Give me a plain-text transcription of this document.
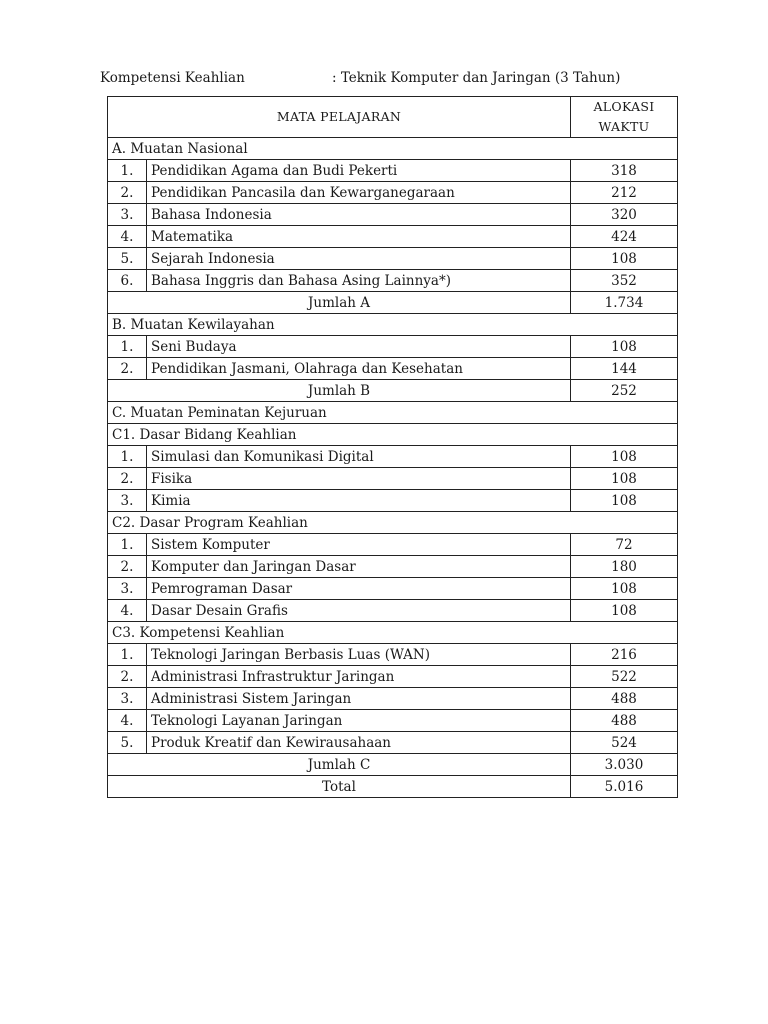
Kompetensi Keahlian	: Teknik Komputer dan Jaringan (3 Tahun)
MATA PELAJARAN		ALOKASI
WAKTU
A. Muatan Nasional		
1.	Pendidikan Agama dan Budi Pekerti	318
2.	Pendidikan Pancasila dan Kewarganegaraan	212
3.	Bahasa Indonesia	320
4.	Matematika	424
5.	Sejarah Indonesia	108
6.	Bahasa Inggris dan Bahasa Asing Lainnya*)	352
Jumlah A		1.734
B. Muatan Kewilayahan		
1.	Seni Budaya	108
2.	Pendidikan Jasmani, Olahraga dan Kesehatan	144
Jumlah B		252
C. Muatan Peminatan Kejuruan		
C1. Dasar Bidang Keahlian		
1.	Simulasi dan Komunikasi Digital	108
2.	Fisika	108
3.	Kimia	108
C2. Dasar Program Keahlian		
1.	Sistem Komputer	72
2.	Komputer dan Jaringan Dasar	180
3.	Pemrograman Dasar	108
4.	Dasar Desain Grafis	108
C3. Kompetensi Keahlian		
1.	Teknologi Jaringan Berbasis Luas (WAN)	216
2.	Administrasi Infrastruktur Jaringan	522
3.	Administrasi Sistem Jaringan	488
4.	Teknologi Layanan Jaringan	488
5.	Produk Kreatif dan Kewirausahaan	524
Jumlah C		3.030
Total		5.016
